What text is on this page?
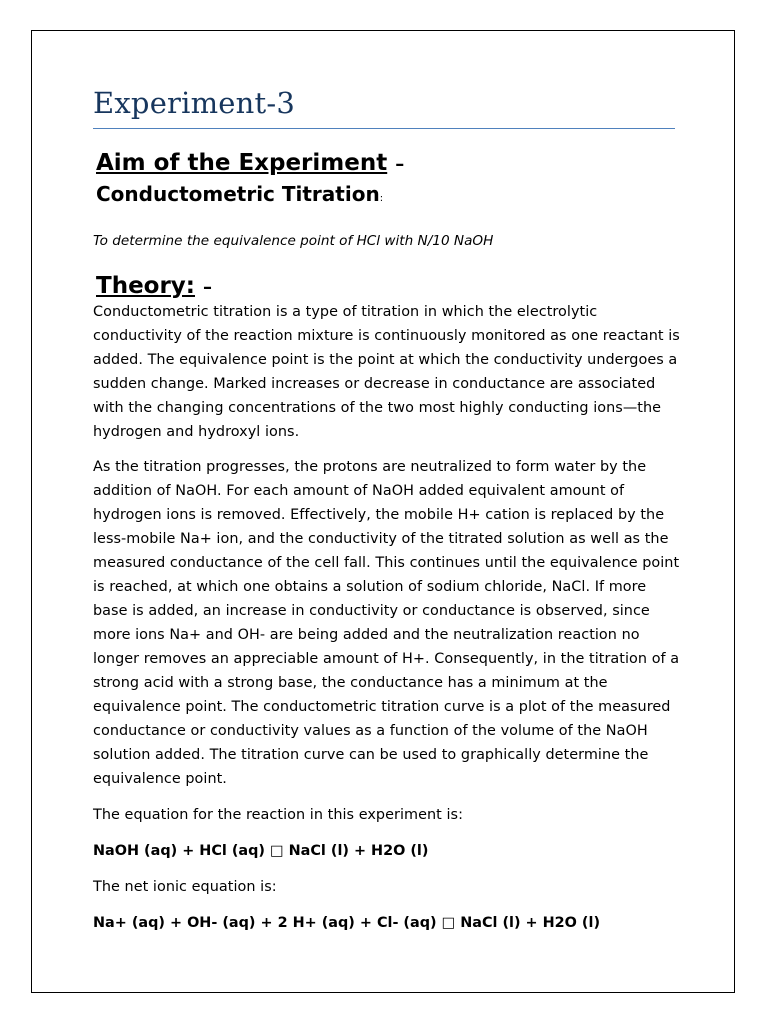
Experiment-3
Aim of the Experiment –
Conductometric Titration:
To determine the equivalence point of HCl with N/10 NaOH
Theory: –

Conductometric titration is a type of titration in which the electrolytic conductivity of the reaction mixture is continuously monitored as one reactant is added. The equivalence point is the point at which the conductivity undergoes a sudden change. Marked increases or decrease in conductance are associated with the changing concentrations of the two most highly conducting ions—the hydrogen and hydroxyl ions.

As the titration progresses, the protons are neutralized to form water by the addition of NaOH. For each amount of NaOH added equivalent amount of hydrogen ions is removed. Effectively, the mobile H+ cation is replaced by the less-mobile Na+ ion, and the conductivity of the titrated solution as well as the measured conductance of the cell fall. This continues until the equivalence point is reached, at which one obtains a solution of sodium chloride, NaCl. If more base is added, an increase in conductivity or conductance is observed, since more ions Na+ and OH- are being added and the neutralization reaction no longer removes an appreciable amount of H+. Consequently, in the titration of a strong acid with a strong base, the conductance has a minimum at the equivalence point. The conductometric titration curve is a plot of the measured conductance or conductivity values as a function of the volume of the NaOH solution added. The titration curve can be used to graphically determine the equivalence point.

The equation for the reaction in this experiment is:

NaOH (aq) + HCl (aq) □ NaCl (l) + H2O (l)

The net ionic equation is:

Na+ (aq) + OH- (aq) + 2 H+ (aq) + Cl- (aq) □ NaCl (l) + H2O (l)
